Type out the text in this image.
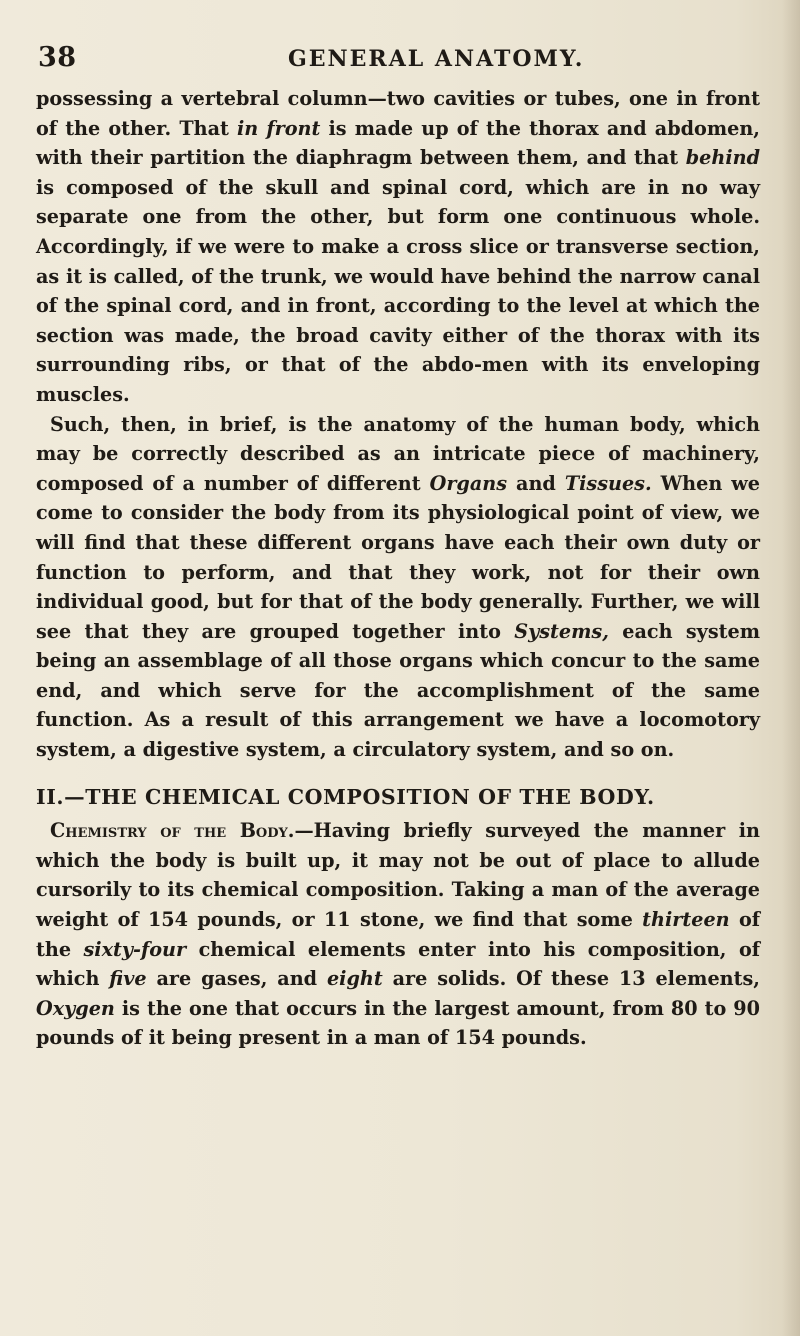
38	GENERAL ANATOMY.

possessing a vertebral column—two cavities or tubes, one in front of the other. That in front is made up of the thorax and abdomen, with their partition the diaphragm between them, and that behind is composed of the skull and spinal cord, which are in no way separate one from the other, but form one continuous whole. Accordingly, if we were to make a cross slice or transverse section, as it is called, of the trunk, we would have behind the narrow canal of the spinal cord, and in front, according to the level at which the section was made, the broad cavity either of the thorax with its surrounding ribs, or that of the abdo-men with its enveloping muscles.

Such, then, in brief, is the anatomy of the human body, which may be correctly described as an intricate piece of machinery, composed of a number of different Organs and Tissues. When we come to consider the body from its physiological point of view, we will find that these different organs have each their own duty or function to perform, and that they work, not for their own individual good, but for that of the body generally. Further, we will see that they are grouped together into Systems, each system being an assemblage of all those organs which concur to the same end, and which serve for the accomplishment of the same function. As a result of this arrangement we have a locomotory system, a digestive system, a circulatory system, and so on.

II.—THE CHEMICAL COMPOSITION OF THE BODY.

Chemistry of the Body.—Having briefly surveyed the manner in which the body is built up, it may not be out of place to allude cursorily to its chemical composition. Taking a man of the average weight of 154 pounds, or 11 stone, we find that some thirteen of the sixty-four chemical elements enter into his composition, of which five are gases, and eight are solids. Of these 13 elements, Oxygen is the one that occurs in the largest amount, from 80 to 90 pounds of it being present in a man of 154 pounds.
